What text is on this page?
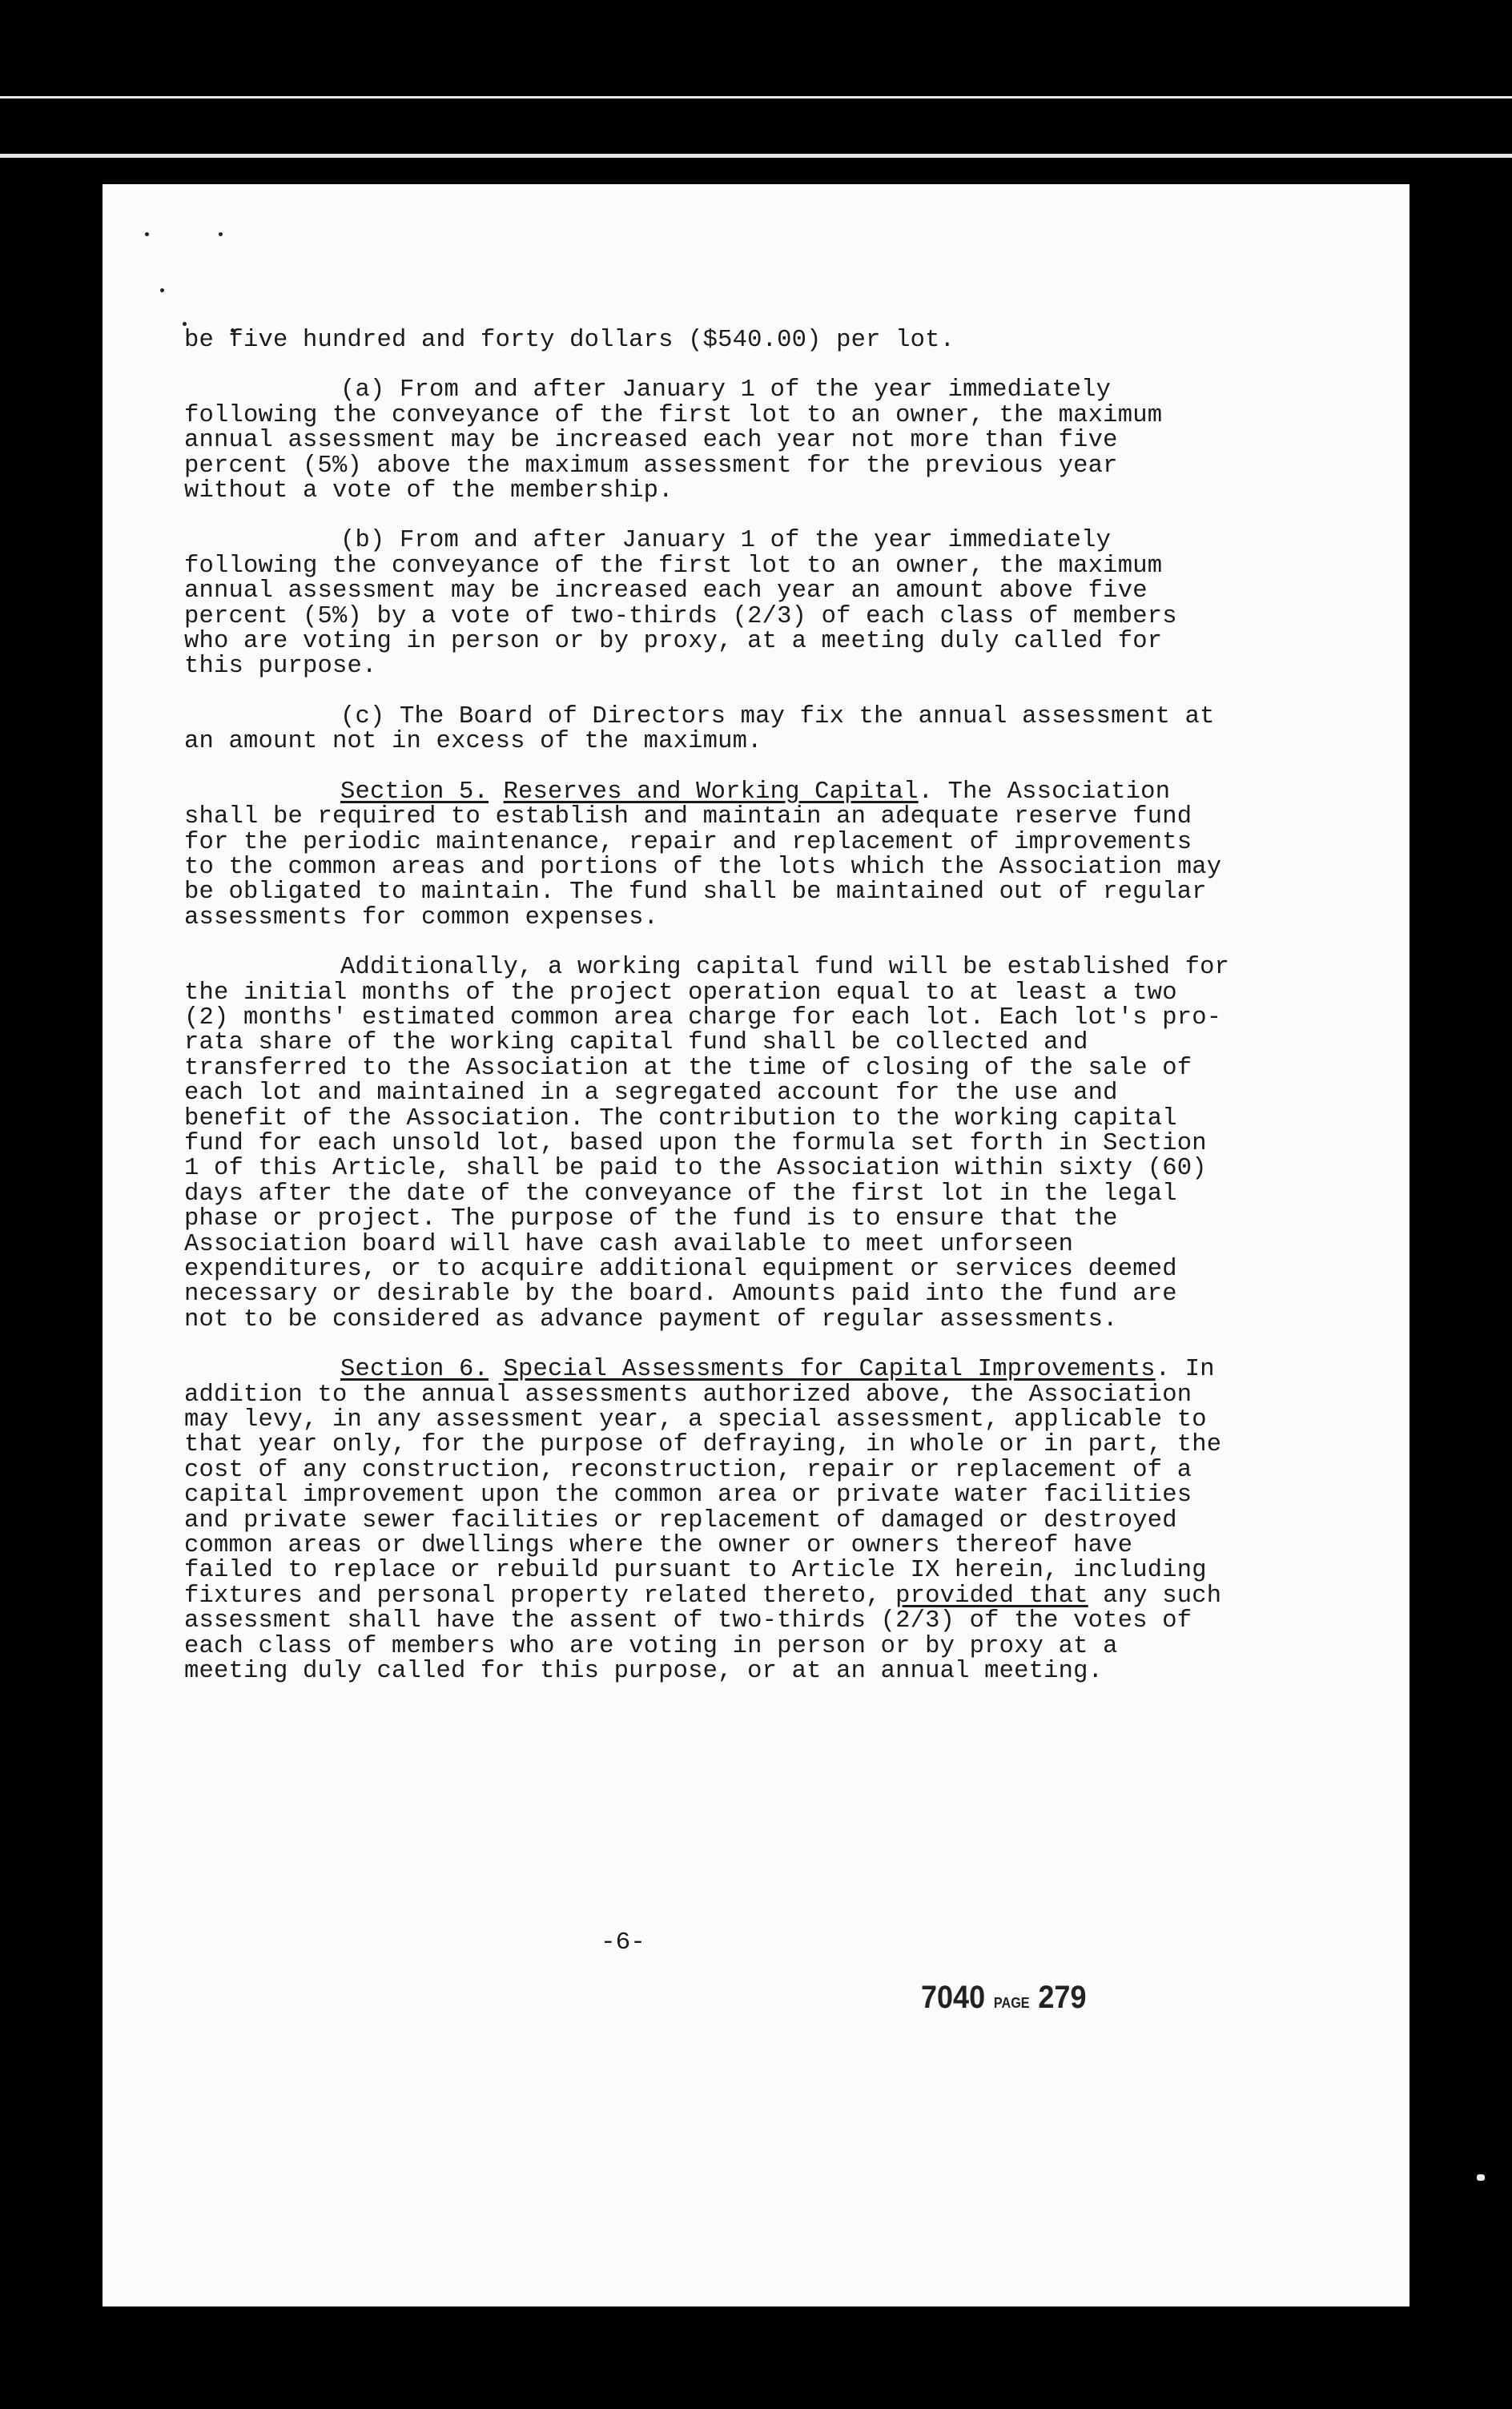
be five hundred and forty dollars ($540.00) per lot.

(a) From and after January 1 of the year immediately following the conveyance of the first lot to an owner, the maximum annual assessment may be increased each year not more than five percent (5%) above the maximum assessment for the previous year without a vote of the membership.

(b) From and after January 1 of the year immediately following the conveyance of the first lot to an owner, the maximum annual assessment may be increased each year an amount above five percent (5%) by a vote of two-thirds (2/3) of each class of members who are voting in person or by proxy, at a meeting duly called for this purpose.

(c) The Board of Directors may fix the annual assessment at an amount not in excess of the maximum.

Section 5. Reserves and Working Capital. The Association shall be required to establish and maintain an adequate reserve fund for the periodic maintenance, repair and replacement of improvements to the common areas and portions of the lots which the Association may be obligated to maintain. The fund shall be maintained out of regular assessments for common expenses.

Additionally, a working capital fund will be established for the initial months of the project operation equal to at least a two (2) months' estimated common area charge for each lot. Each lot's pro-rata share of the working capital fund shall be collected and transferred to the Association at the time of closing of the sale of each lot and maintained in a segregated account for the use and benefit of the Association. The contribution to the working capital fund for each unsold lot, based upon the formula set forth in Section 1 of this Article, shall be paid to the Association within sixty (60) days after the date of the conveyance of the first lot in the legal phase or project. The purpose of the fund is to ensure that the Association board will have cash available to meet unforseen expenditures, or to acquire additional equipment or services deemed necessary or desirable by the board. Amounts paid into the fund are not to be considered as advance payment of regular assessments.

Section 6. Special Assessments for Capital Improvements. In addition to the annual assessments authorized above, the Association may levy, in any assessment year, a special assessment, applicable to that year only, for the purpose of defraying, in whole or in part, the cost of any construction, reconstruction, repair or replacement of a capital improvement upon the common area or private water facilities and private sewer facilities or replacement of damaged or destroyed common areas or dwellings where the owner or owners thereof have failed to replace or rebuild pursuant to Article IX herein, including fixtures and personal property related thereto, provided that any such assessment shall have the assent of two-thirds (2/3) of the votes of each class of members who are voting in person or by proxy at a meeting duly called for this purpose, or at an annual meeting.

-6-
7040 PAGE 279
